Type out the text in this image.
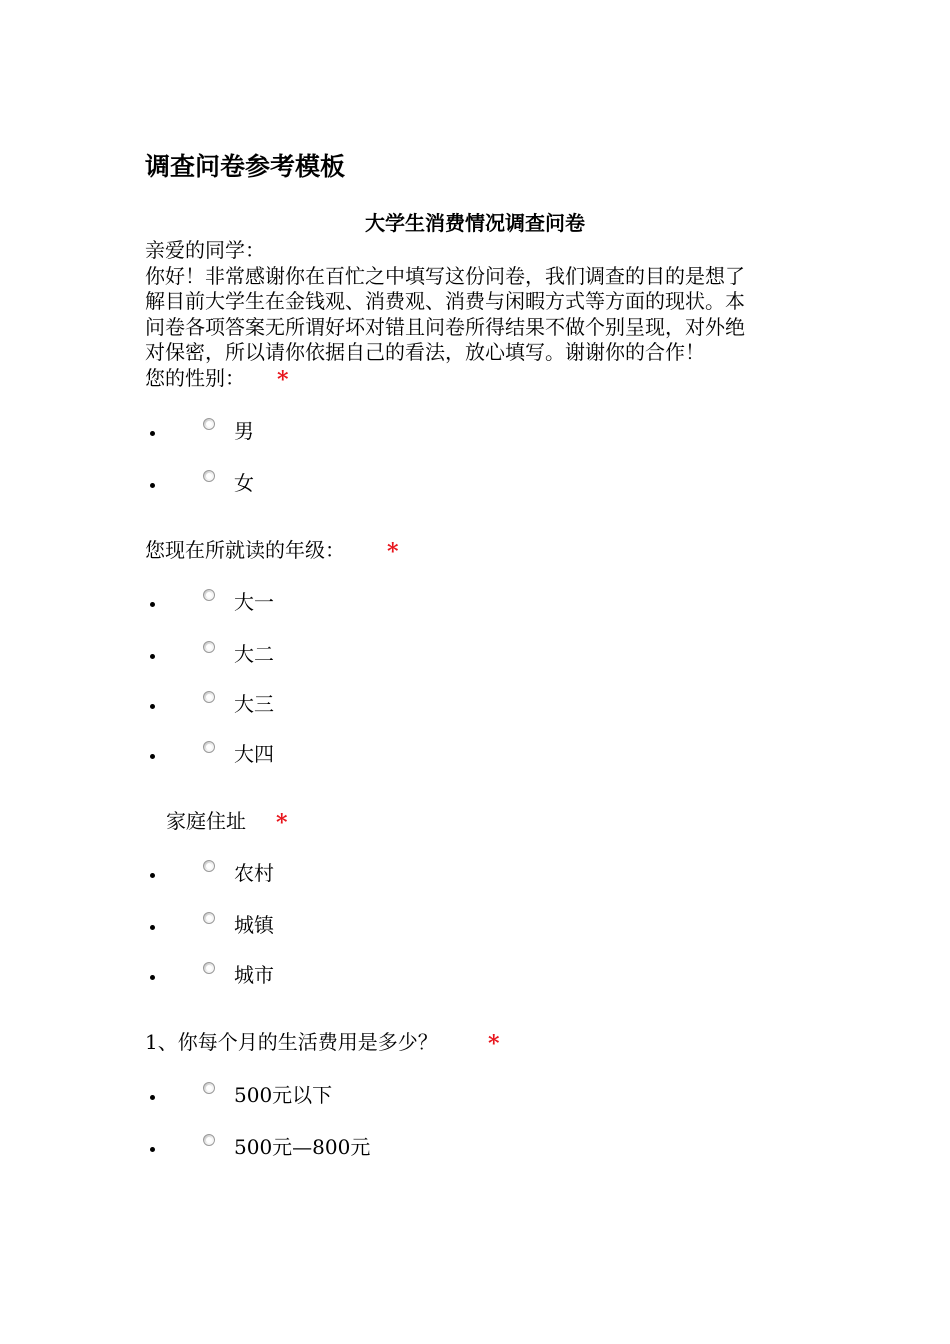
调查问卷参考模板
大学生消费情况调查问卷
亲爱的同学：
你好！非常感谢你在百忙之中填写这份问卷，我们调查的目的是想了
解目前大学生在金钱观、消费观、消费与闲暇方式等方面的现状。本
问卷各项答案无所谓好坏对错且问卷所得结果不做个别呈现，对外绝
对保密，所以请你依据自己的看法，放心填写。谢谢你的合作！
您的性别： *
男
女
您现在所就读的年级： *
大一
大二
大三
大四
家庭住址 *
农村
城镇
城市
1、你每个月的生活费用是多少？ *
500元以下
500元—800元
